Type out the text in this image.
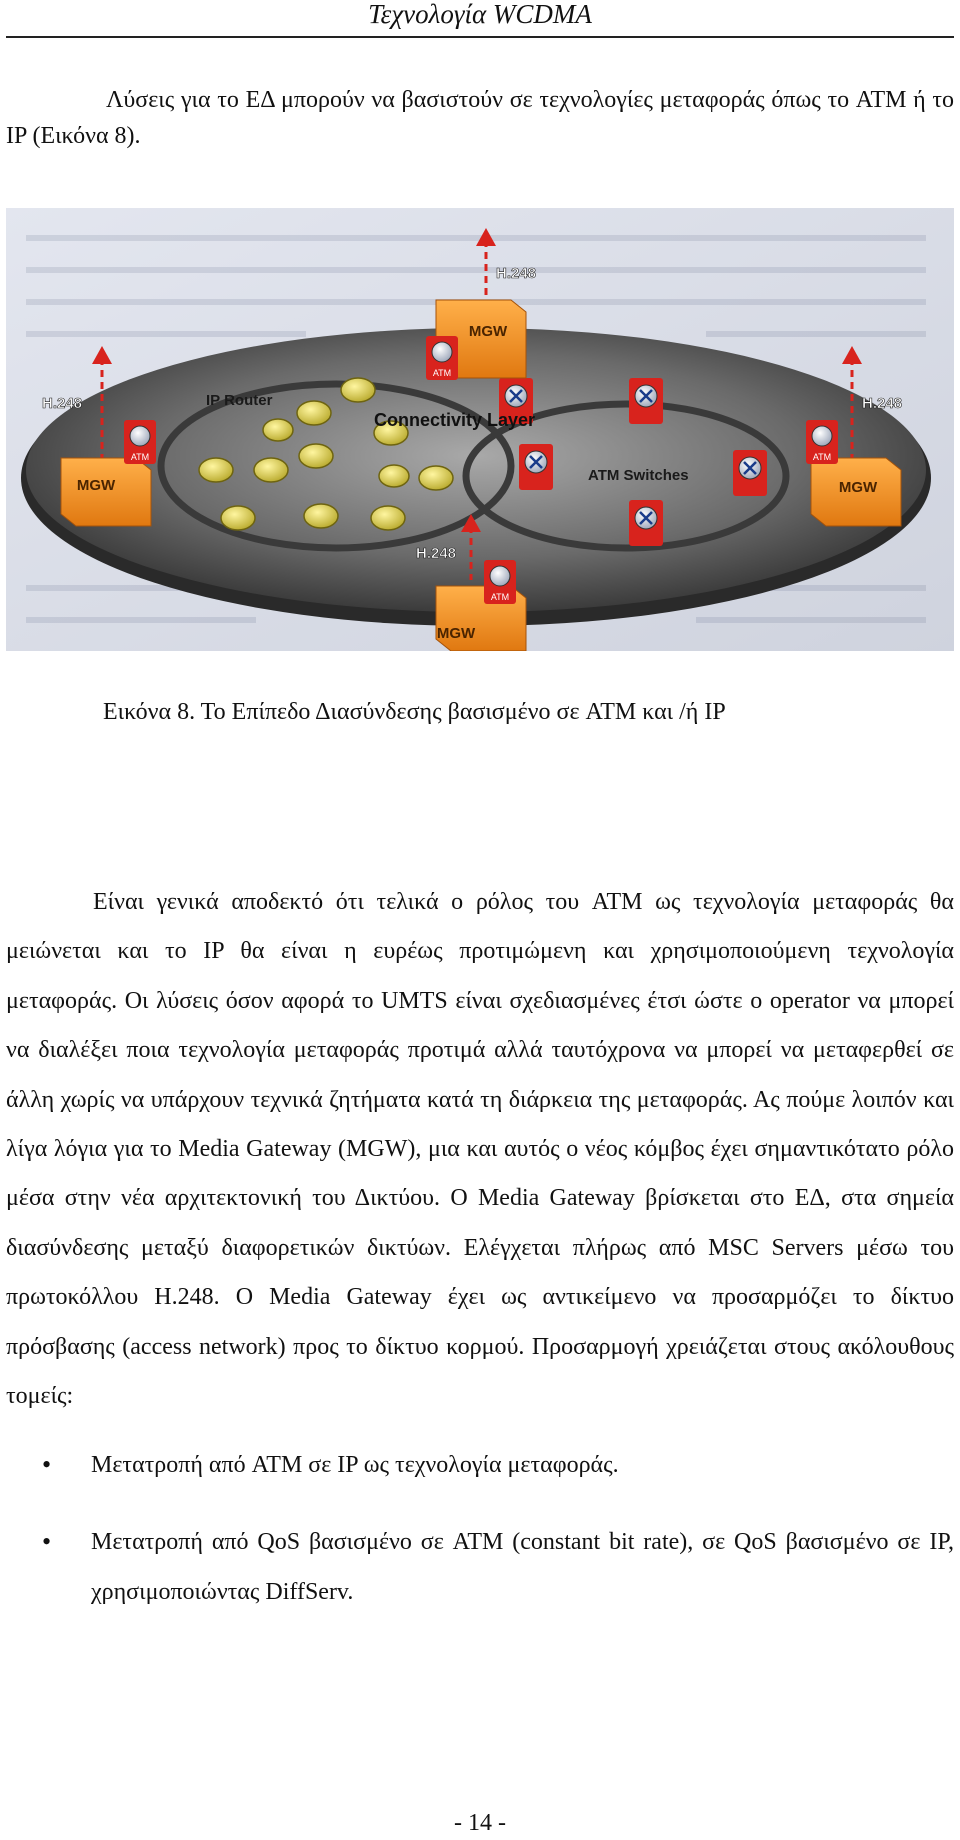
Τεχνολογία WCDMA

Λύσεις για το ΕΔ μπορούν να βασιστούν σε τεχνολογίες μεταφοράς όπως το ATM ή το IP (Εικόνα 8).

MGW
ATM
MGW
ATM
MGW
ATM
MGW
ATM
H.248
H.248	H.248
H.248
IP Router
Connectivity Layer
ATM Switches
Εικόνα 8. Το Επίπεδο Διασύνδεσης βασισμένο σε ATM και /ή IP

Είναι γενικά αποδεκτό ότι τελικά ο ρόλος του ATM ως τεχνολογία μεταφοράς θα μειώνεται και το IP θα είναι η ευρέως προτιμώμενη και χρησιμοποιούμενη τεχνολογία μεταφοράς. Οι λύσεις όσον αφορά το UMTS είναι σχεδιασμένες έτσι ώστε ο operator να μπορεί να διαλέξει ποια τεχνολογία μεταφοράς προτιμά αλλά ταυτόχρονα να μπορεί να μεταφερθεί σε άλλη χωρίς να υπάρχουν τεχνικά ζητήματα κατά τη διάρκεια της μεταφοράς. Ας πούμε λοιπόν και λίγα λόγια για το Media Gateway (MGW), μια και αυτός ο νέος κόμβος έχει σημαντικότατο ρόλο μέσα στην νέα αρχιτεκτονική του Δικτύου. Ο Media Gateway βρίσκεται στο ΕΔ, στα σημεία διασύνδεσης μεταξύ διαφορετικών δικτύων. Ελέγχεται πλήρως από MSC Servers μέσω του πρωτοκόλλου H.248. Ο Media Gateway έχει ως αντικείμενο να προσαρμόζει το δίκτυο πρόσβασης (access network) προς το δίκτυο κορμού. Προσαρμογή χρειάζεται στους ακόλουθους τομείς:

• Μετατροπή από ATM σε IP ως τεχνολογία μεταφοράς.
• Μετατροπή από QoS βασισμένο σε ATM (constant bit rate), σε QoS βασισμένο σε IP, χρησιμοποιώντας DiffServ.
- 14 -
